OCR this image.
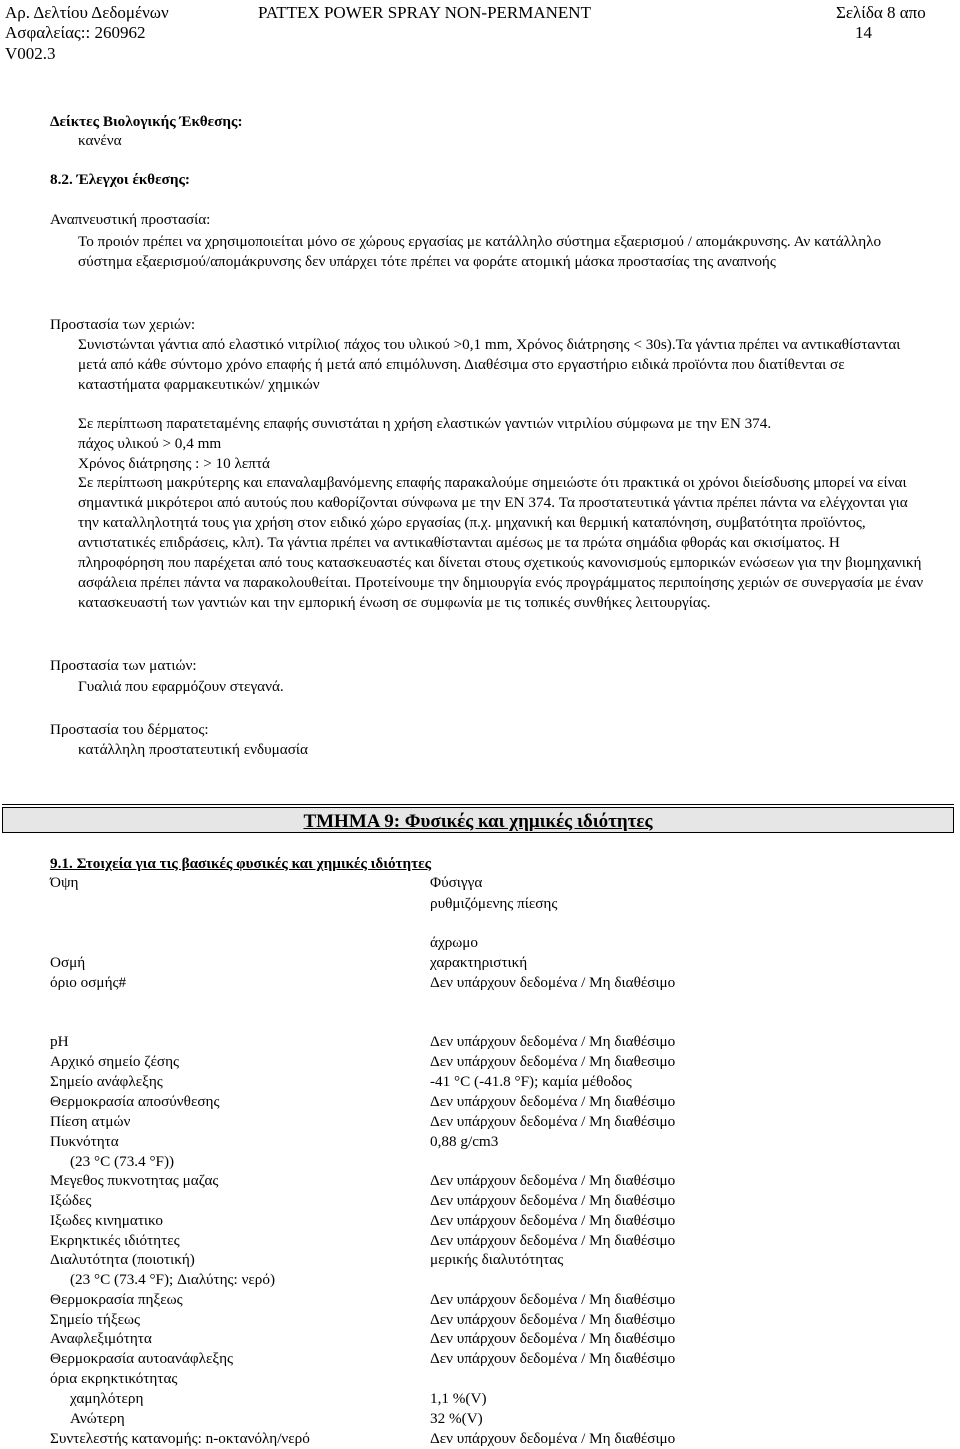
Αρ. Δελτίου Δεδομένων
Ασφαλείας:: 260962
V002.3
PATTEX POWER SPRAY NON-PERMANENT	Σελίδα 8 απο
14
Δείκτες Βιολογικής Έκθεσης:
κανένα
8.2. Έλεγχοι έκθεσης:
Αναπνευστική προστασία:
Το προιόν πρέπει να χρησιμοποιείται μόνο σε χώρους εργασίας με κατάλληλο σύστημα εξαερισμού / απομάκρυνσης. Αν κατάλληλο σύστημα εξαερισμού/απομάκρυνσης δεν υπάρχει τότε πρέπει να φοράτε ατομική μάσκα προστασίας της αναπνοής
Προστασία των χεριών:
Συνιστώνται γάντια από ελαστικό νιτρίλιο( πάχος του υλικού >0,1 mm, Χρόνος διάτρησης < 30s).Τα γάντια πρέπει να αντικαθίστανται μετά από κάθε σύντομο χρόνο επαφής ή μετά από επιμόλυνση. Διαθέσιμα στο εργαστήριο ειδικά προϊόντα που διατίθενται σε καταστήματα φαρμακευτικών/ χημικών
Σε περίπτωση παρατεταμένης επαφής συνιστάται η χρήση ελαστικών γαντιών νιτριλίου σύμφωνα με την EN 374.
πάχος υλικού > 0,4 mm
Χρόνος διάτρησης : > 10 λεπτά
Σε περίπτωση μακρύτερης και επαναλαμβανόμενης επαφής παρακαλούμε σημειώστε ότι πρακτικά οι χρόνοι διείσδυσης μπορεί να είναι σημαντικά μικρότεροι από αυτούς που καθορίζονται σύνφωνα με την EN 374. Τα προστατευτικά γάντια πρέπει πάντα να ελέγχονται για την καταλληλοτητά τους για χρήση στον ειδικό χώρο εργασίας (π.χ. μηχανική και θερμική καταπόνηση, συμβατότητα προϊόντος, αντιστατικές επιδράσεις, κλπ). Τα γάντια πρέπει να αντικαθίστανται αμέσως με τα πρώτα σημάδια φθοράς και σκισίματος. Η πληροφόρηση που παρέχεται από τους κατασκευαστές και δίνεται στους σχετικούς κανονισμούς εμπορικών ενώσεων για την βιομηχανική ασφάλεια πρέπει πάντα να παρακολουθείται. Προτείνουμε την δημιουργία ενός προγράμματος περιποίησης χεριών σε συνεργασία με έναν κατασκευαστή των γαντιών και την εμπορική ένωση σε συμφωνία με τις τοπικές συνθήκες λειτουργίας.
Προστασία των ματιών:
Γυαλιά που εφαρμόζουν στεγανά.
Προστασία του δέρματος:
κατάλληλη προστατευτική ενδυμασία
ΤΜΗΜΑ 9: Φυσικές και χημικές ιδιότητες
9.1. Στοιχεία για τις βασικές φυσικές και χημικές ιδιότητες
Όψη	Φύσιγγα
ρυθμιζόμενης πίεσης
άχρωμο
Οσμή	χαρακτηριστική
όριο οσμής#	Δεν υπάρχουν δεδομένα / Μη διαθέσιμο
pH	Δεν υπάρχουν δεδομένα / Μη διαθέσιμο
Αρχικό σημείο ζέσης	Δεν υπάρχουν δεδομένα / Μη διαθεσιμο
Σημείο ανάφλεξης	-41 °C (-41.8 °F); καμία μέθοδος
Θερμοκρασία αποσύνθεσης	Δεν υπάρχουν δεδομένα / Μη διαθέσιμο
Πίεση ατμών	Δεν υπάρχουν δεδομένα / Μη διαθέσιμο
Πυκνότητα	0,88 g/cm3
(23 °C (73.4 °F))
Μεγεθος πυκνοτητας μαζας	Δεν υπάρχουν δεδομένα / Μη διαθέσιμο
Ιξώδες	Δεν υπάρχουν δεδομένα / Μη διαθέσιμο
Ιξωδες κινηματικο	Δεν υπάρχουν δεδομένα / Μη διαθέσιμο
Εκρηκτικές ιδιότητες	Δεν υπάρχουν δεδομένα / Μη διαθέσιμο
Διαλυτότητα (ποιοτική)	μερικής διαλυτότητας
(23 °C (73.4 °F); Διαλύτης: νερό)
Θερμοκρασία πηξεως	Δεν υπάρχουν δεδομένα / Μη διαθέσιμο
Σημείο τήξεως	Δεν υπάρχουν δεδομένα / Μη διαθέσιμο
Αναφλεξιμότητα	Δεν υπάρχουν δεδομένα / Μη διαθέσιμο
Θερμοκρασία αυτοανάφλεξης	Δεν υπάρχουν δεδομένα / Μη διαθέσιμο
όρια εκρηκτικότητας
χαμηλότερη	1,1 %(V)
Ανώτερη	32 %(V)
Συντελεστής κατανομής: n-οκτανόλη/νερό	Δεν υπάρχουν δεδομένα / Μη διαθέσιμο
